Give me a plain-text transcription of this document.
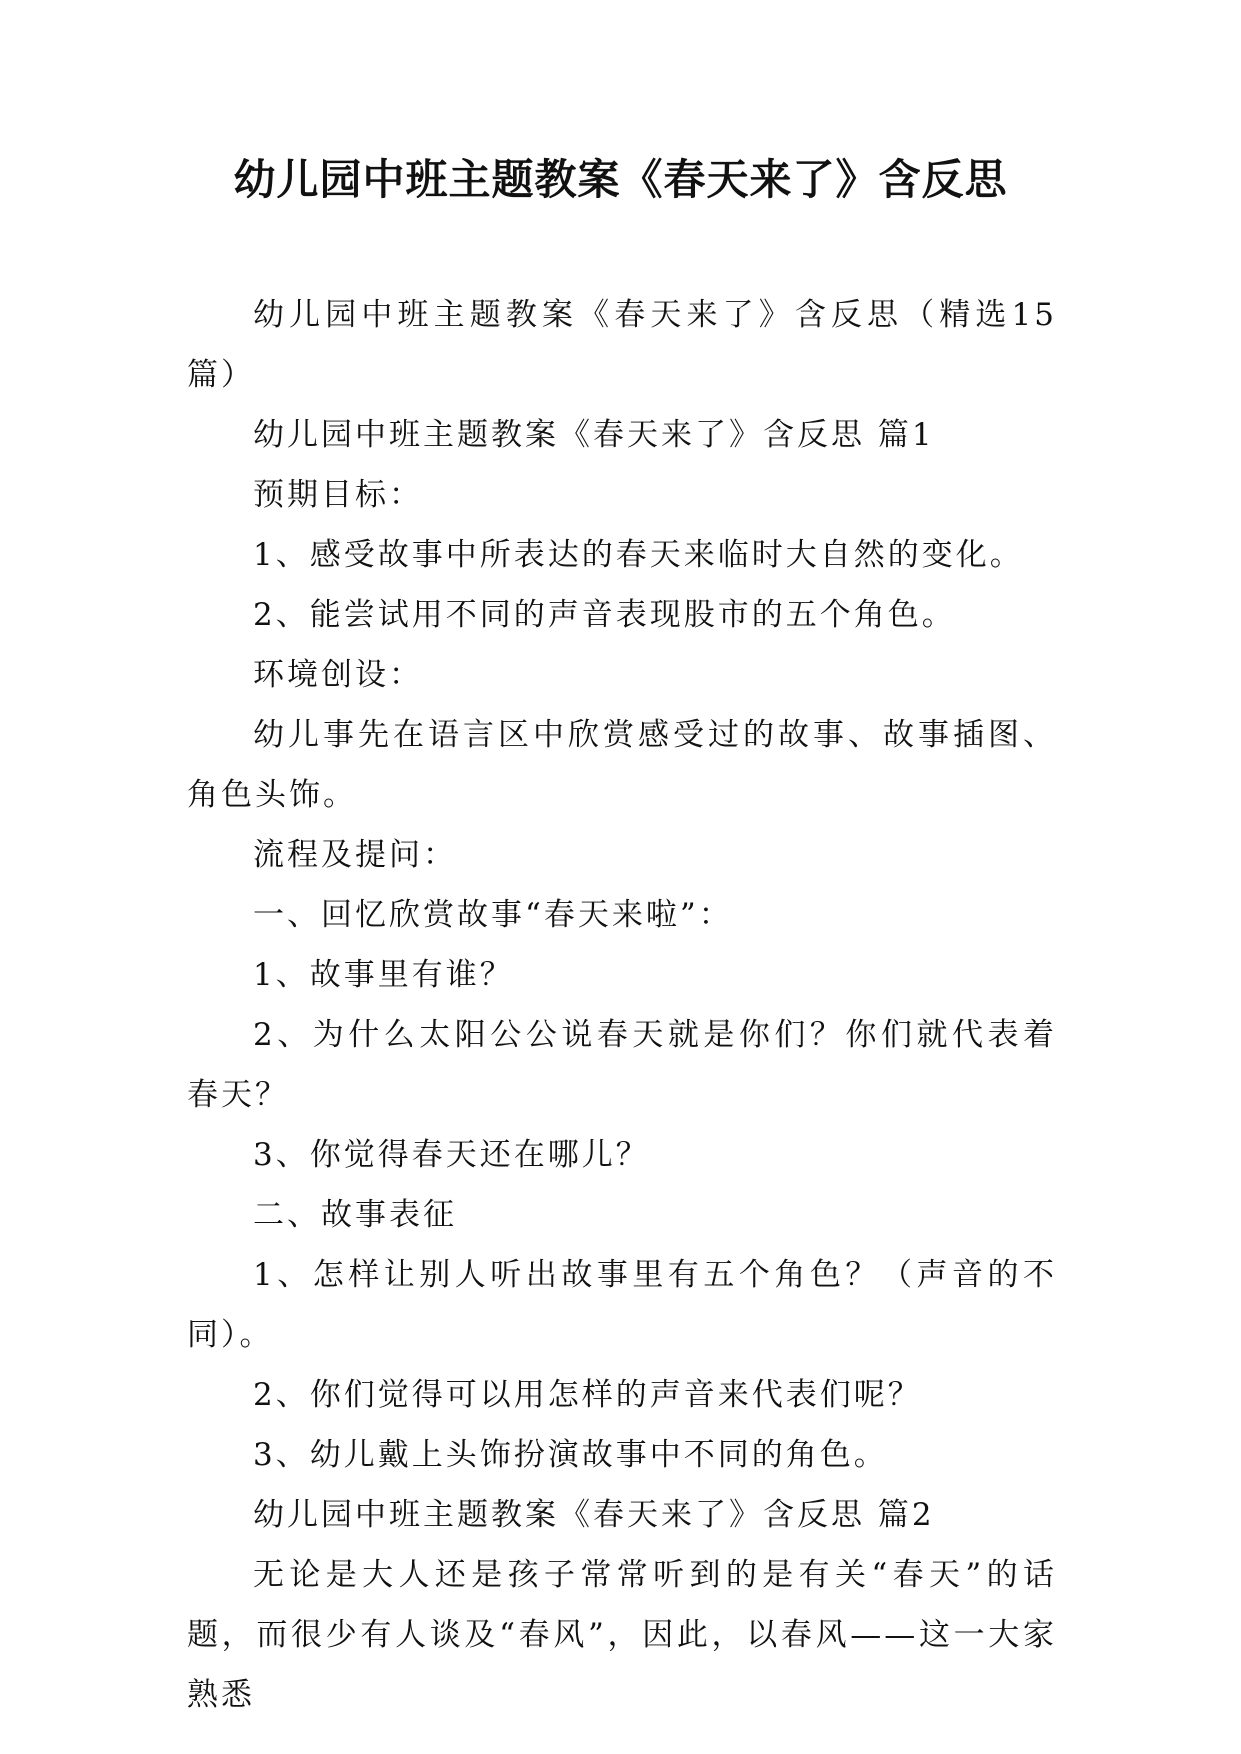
幼儿园中班主题教案《春天来了》含反思

幼儿园中班主题教案《春天来了》含反思（精选15篇）

幼儿园中班主题教案《春天来了》含反思 篇1

预期目标：

1、感受故事中所表达的春天来临时大自然的变化。

2、能尝试用不同的声音表现股市的五个角色。

环境创设：

幼儿事先在语言区中欣赏感受过的故事、故事插图、角色头饰。

流程及提问：

一、回忆欣赏故事“春天来啦”：

1、故事里有谁？

2、为什么太阳公公说春天就是你们？你们就代表着春天？

3、你觉得春天还在哪儿？

二、故事表征

1、怎样让别人听出故事里有五个角色？（声音的不同）。

2、你们觉得可以用怎样的声音来代表们呢？

3、幼儿戴上头饰扮演故事中不同的角色。

幼儿园中班主题教案《春天来了》含反思 篇2

无论是大人还是孩子常常听到的是有关“春天”的话题，而很少有人谈及“春风”，因此，以春风——这一大家熟悉
